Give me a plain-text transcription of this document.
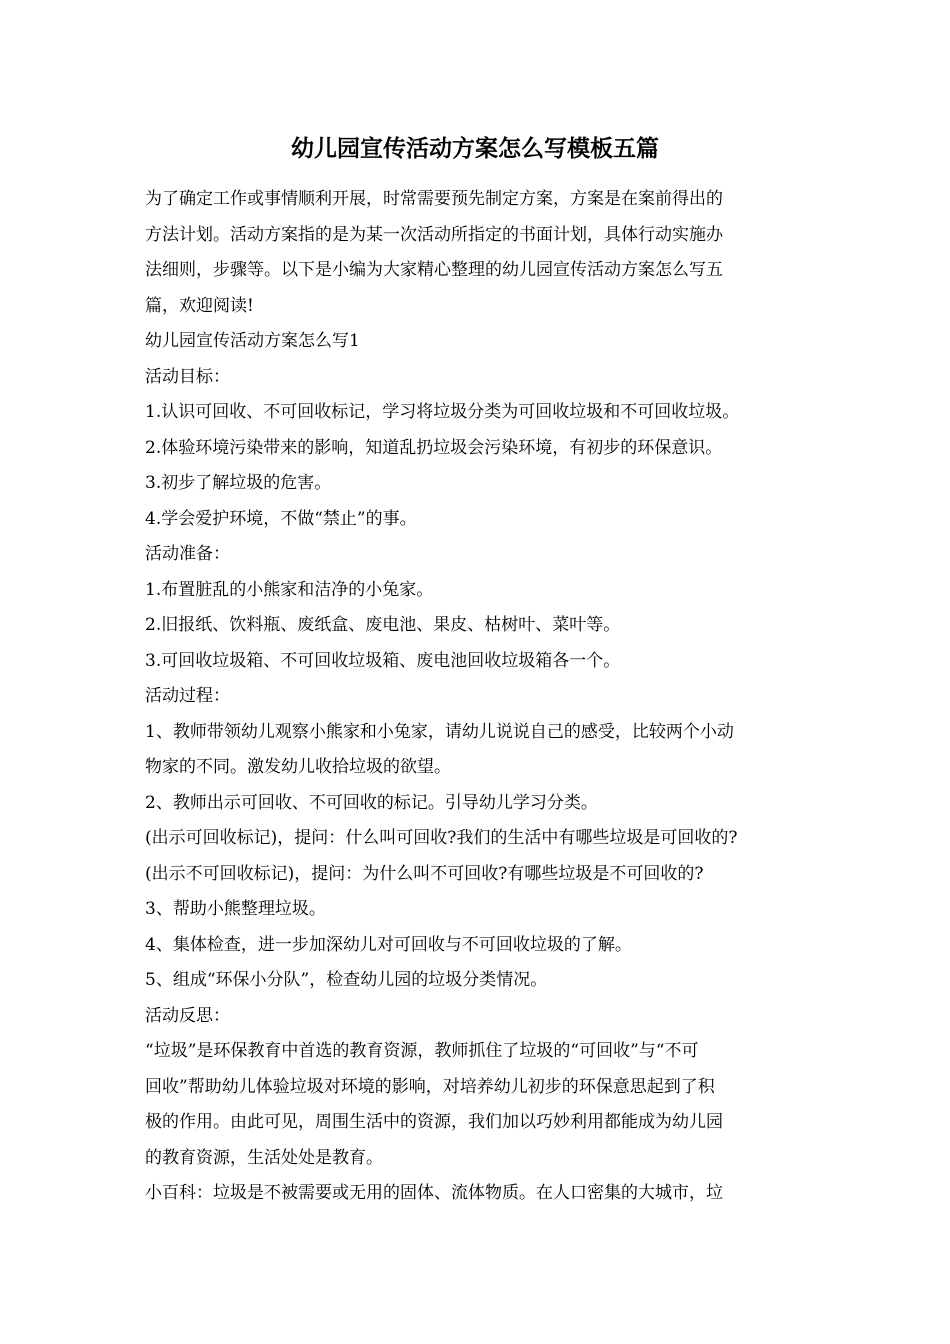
幼儿园宣传活动方案怎么写模板五篇
为了确定工作或事情顺利开展，时常需要预先制定方案，方案是在案前得出的
方法计划。活动方案指的是为某一次活动所指定的书面计划，具体行动实施办
法细则，步骤等。以下是小编为大家精心整理的幼儿园宣传活动方案怎么写五
篇，欢迎阅读!
幼儿园宣传活动方案怎么写1
活动目标：
1.认识可回收、不可回收标记，学习将垃圾分类为可回收垃圾和不可回收垃圾。
2.体验环境污染带来的影响，知道乱扔垃圾会污染环境，有初步的环保意识。
3.初步了解垃圾的危害。
4.学会爱护环境，不做“禁止”的事。
活动准备：
1.布置脏乱的小熊家和洁净的小兔家。
2.旧报纸、饮料瓶、废纸盒、废电池、果皮、枯树叶、菜叶等。
3.可回收垃圾箱、不可回收垃圾箱、废电池回收垃圾箱各一个。
活动过程：
1、教师带领幼儿观察小熊家和小兔家，请幼儿说说自己的感受，比较两个小动
物家的不同。激发幼儿收拾垃圾的欲望。
2、教师出示可回收、不可回收的标记。引导幼儿学习分类。
(出示可回收标记)，提问：什么叫可回收?我们的生活中有哪些垃圾是可回收的?
(出示不可回收标记)，提问：为什么叫不可回收?有哪些垃圾是不可回收的?
3、帮助小熊整理垃圾。
4、集体检查，进一步加深幼儿对可回收与不可回收垃圾的了解。
5、组成“环保小分队”，检查幼儿园的垃圾分类情况。
活动反思：
“垃圾”是环保教育中首选的教育资源，教师抓住了垃圾的“可回收”与“不可
回收”帮助幼儿体验垃圾对环境的影响，对培养幼儿初步的环保意思起到了积
极的作用。由此可见，周围生活中的资源，我们加以巧妙利用都能成为幼儿园
的教育资源，生活处处是教育。
小百科：垃圾是不被需要或无用的固体、流体物质。在人口密集的大城市，垃
